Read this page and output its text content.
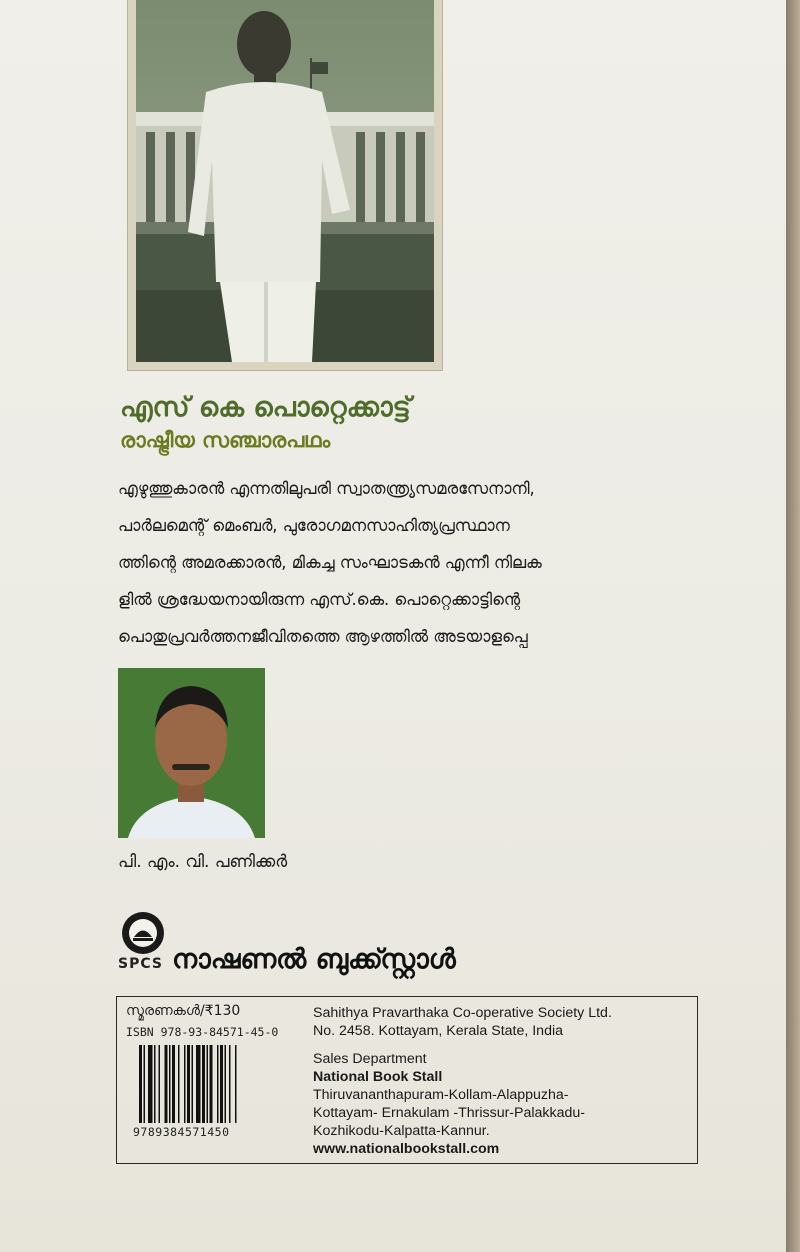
എസ് കെ പൊറ്റെക്കാട്ട്
രാഷ്ട്രീയ സഞ്ചാരപഥം
എഴുത്തുകാരൻ എന്നതിലുപരി സ്വാതന്ത്ര്യസമരസേനാനി,
പാർലമെന്റ് മെംബർ, പുരോഗമനസാഹിത്യപ്രസ്ഥാന
ത്തിന്റെ അമരക്കാരൻ, മികച്ച സംഘാടകൻ എന്നീ നിലക
ളിൽ ശ്രദ്ധേയനായിരുന്ന എസ്.കെ. പൊറ്റെക്കാട്ടിന്റെ
പൊതുപ്രവർത്തനജീവിതത്തെ ആഴത്തിൽ അടയാളപ്പെ
പി. എം. വി. പണിക്കർ
SPCS നാഷണൽ ബുക്ക്സ്റ്റാൾ
സ്മരണകൾ/₹130
ISBN 978-93-84571-45-0
9789384571450
Sahithya Pravarthaka Co-operative Society Ltd.
No. 2458. Kottayam, Kerala State, India
Sales Department
National Book Stall
Thiruvananthapuram-Kollam-Alappuzha-
Kottayam- Ernakulam -Thrissur-Palakkadu-
Kozhikodu-Kalpatta-Kannur.
www.nationalbookstall.com
